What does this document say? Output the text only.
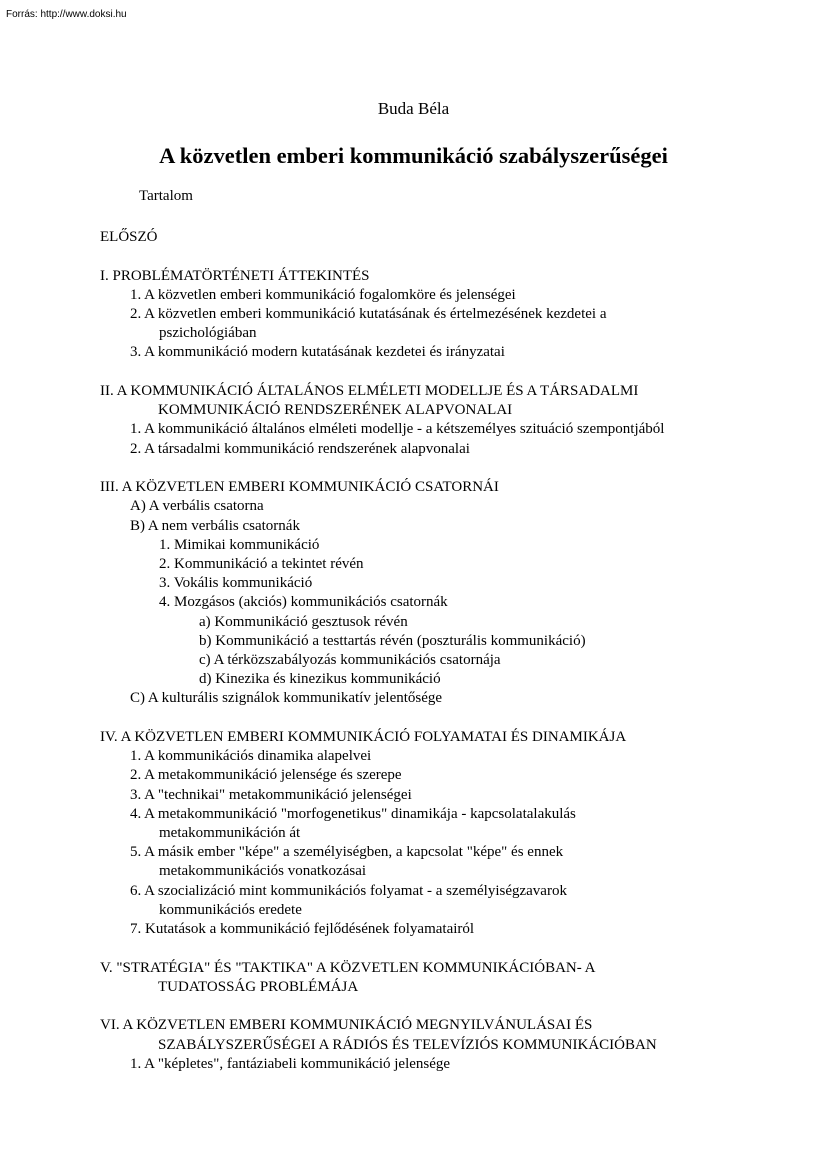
Forrás: http://www.doksi.hu
Buda Béla
A közvetlen emberi kommunikáció szabályszerűségei
Tartalom
ELŐSZÓ
I. PROBLÉMATÖRTÉNETI ÁTTEKINTÉS
1. A közvetlen emberi kommunikáció fogalomköre és jelenségei
2. A közvetlen emberi kommunikáció kutatásának és értelmezésének kezdetei a
pszichológiában
3. A kommunikáció modern kutatásának kezdetei és irányzatai
II. A KOMMUNIKÁCIÓ ÁLTALÁNOS ELMÉLETI MODELLJE ÉS A TÁRSADALMI
KOMMUNIKÁCIÓ RENDSZERÉNEK ALAPVONALAI
1. A kommunikáció általános elméleti modellje - a kétszemélyes szituáció szempontjából
2. A társadalmi kommunikáció rendszerének alapvonalai
III. A KÖZVETLEN EMBERI KOMMUNIKÁCIÓ CSATORNÁI
A) A verbális csatorna
B) A nem verbális csatornák
1. Mimikai kommunikáció
2. Kommunikáció a tekintet révén
3. Vokális kommunikáció
4. Mozgásos (akciós) kommunikációs csatornák
a) Kommunikáció gesztusok révén
b) Kommunikáció a testtartás révén (poszturális kommunikáció)
c) A térközszabályozás kommunikációs csatornája
d) Kinezika és kinezikus kommunikáció
C) A kulturális szignálok kommunikatív jelentősége
IV. A KÖZVETLEN EMBERI KOMMUNIKÁCIÓ FOLYAMATAI ÉS DINAMIKÁJA
1. A kommunikációs dinamika alapelvei
2. A metakommunikáció jelensége és szerepe
3. A "technikai" metakommunikáció jelenségei
4. A metakommunikáció "morfogenetikus" dinamikája - kapcsolatalakulás
metakommunikáción át
5. A másik ember "képe" a személyiségben, a kapcsolat "képe" és ennek
metakommunikációs vonatkozásai
6. A szocializáció mint kommunikációs folyamat - a személyiségzavarok
kommunikációs eredete
7. Kutatások a kommunikáció fejlődésének folyamatairól
V. "STRATÉGIA" ÉS "TAKTIKA" A KÖZVETLEN KOMMUNIKÁCIÓBAN- A
TUDATOSSÁG PROBLÉMÁJA
VI. A KÖZVETLEN EMBERI KOMMUNIKÁCIÓ MEGNYILVÁNULÁSAI ÉS
SZABÁLYSZERŰSÉGEI A RÁDIÓS ÉS TELEVÍZIÓS KOMMUNIKÁCIÓBAN
1. A "képletes", fantáziabeli kommunikáció jelensége
